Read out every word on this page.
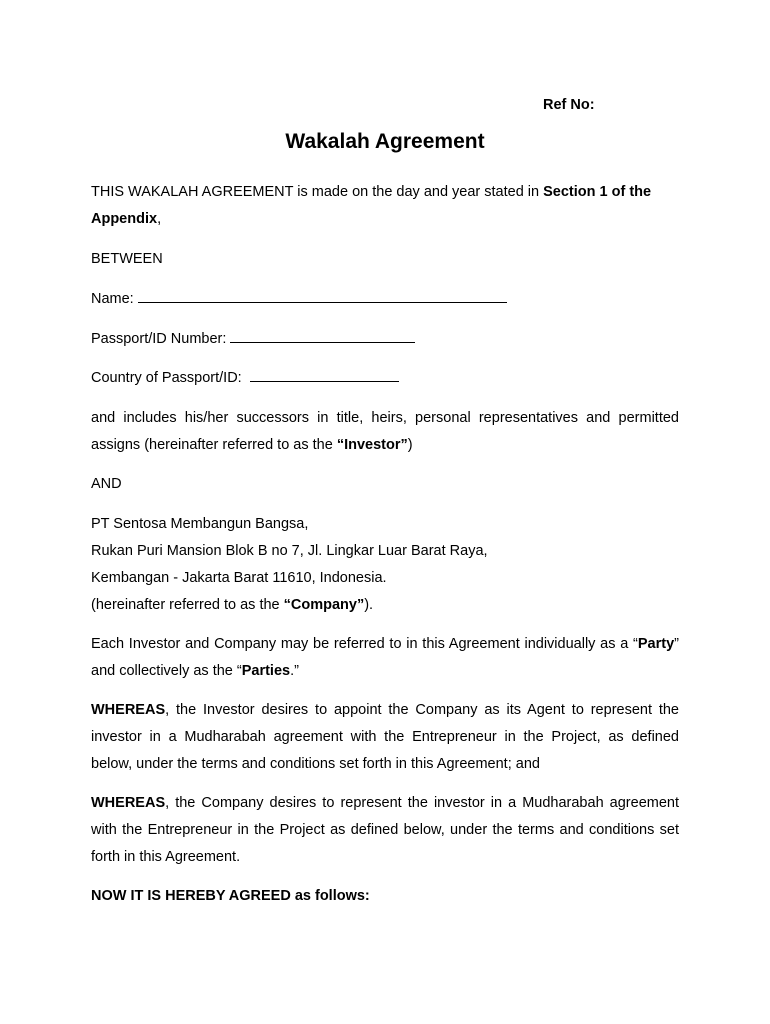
Ref No:
Wakalah Agreement

THIS WAKALAH AGREEMENT is made on the day and year stated in Section 1 of the Appendix,

BETWEEN

Name:

Passport/ID Number:

Country of Passport/ID:

and includes his/her successors in title, heirs, personal representatives and permitted assigns (hereinafter referred to as the “Investor”)

AND

PT Sentosa Membangun Bangsa,
Rukan Puri Mansion Blok B no 7, Jl. Lingkar Luar Barat Raya,
Kembangan - Jakarta Barat 11610, Indonesia.
(hereinafter referred to as the “Company”).

Each Investor and Company may be referred to in this Agreement individually as a “Party” and collectively as the “Parties.”

WHEREAS, the Investor desires to appoint the Company as its Agent to represent the investor in a Mudharabah agreement with the Entrepreneur in the Project, as defined below, under the terms and conditions set forth in this Agreement; and

WHEREAS, the Company desires to represent the investor in a Mudharabah agreement with the Entrepreneur in the Project as defined below, under the terms and conditions set forth in this Agreement.

NOW IT IS HEREBY AGREED as follows:
